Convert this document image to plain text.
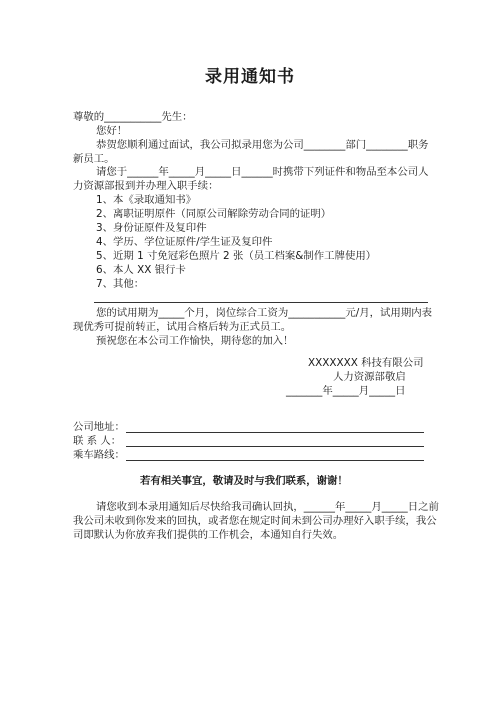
录用通知书
尊敬的___________先生：
您好！
恭贺您顺利通过面试，我公司拟录用您为公司________部门________职务
新员工。
请您于______年_____月_____日______时携带下列证件和物品至本公司人
力资源部报到并办理入职手续：
1、本《录取通知书》
2、离职证明原件（同原公司解除劳动合同的证明）
3、身份证原件及复印件
4、学历、学位证原件/学生证及复印件
5、近期 1 寸免冠彩色照片 2 张（员工档案&制作工牌使用）
6、本人 XX 银行卡
7、其他：
您的试用期为_____个月，岗位综合工资为___________元/月，试用期内表
现优秀可提前转正，试用合格后转为正式员工。
预祝您在本公司工作愉快，期待您的加入！
XXXXXXX 科技有限公司
人力资源部敬启
_______年_____月_____日
公司地址：
联 系 人：
乘车路线：
若有相关事宜，敬请及时与我们联系，谢谢！
请您收到本录用通知后尽快给我司确认回执，______年_____月_____日之前
我公司未收到你发来的回执，或者您在规定时间未到公司办理好入职手续，我公
司即默认为你放弃我们提供的工作机会，本通知自行失效。
